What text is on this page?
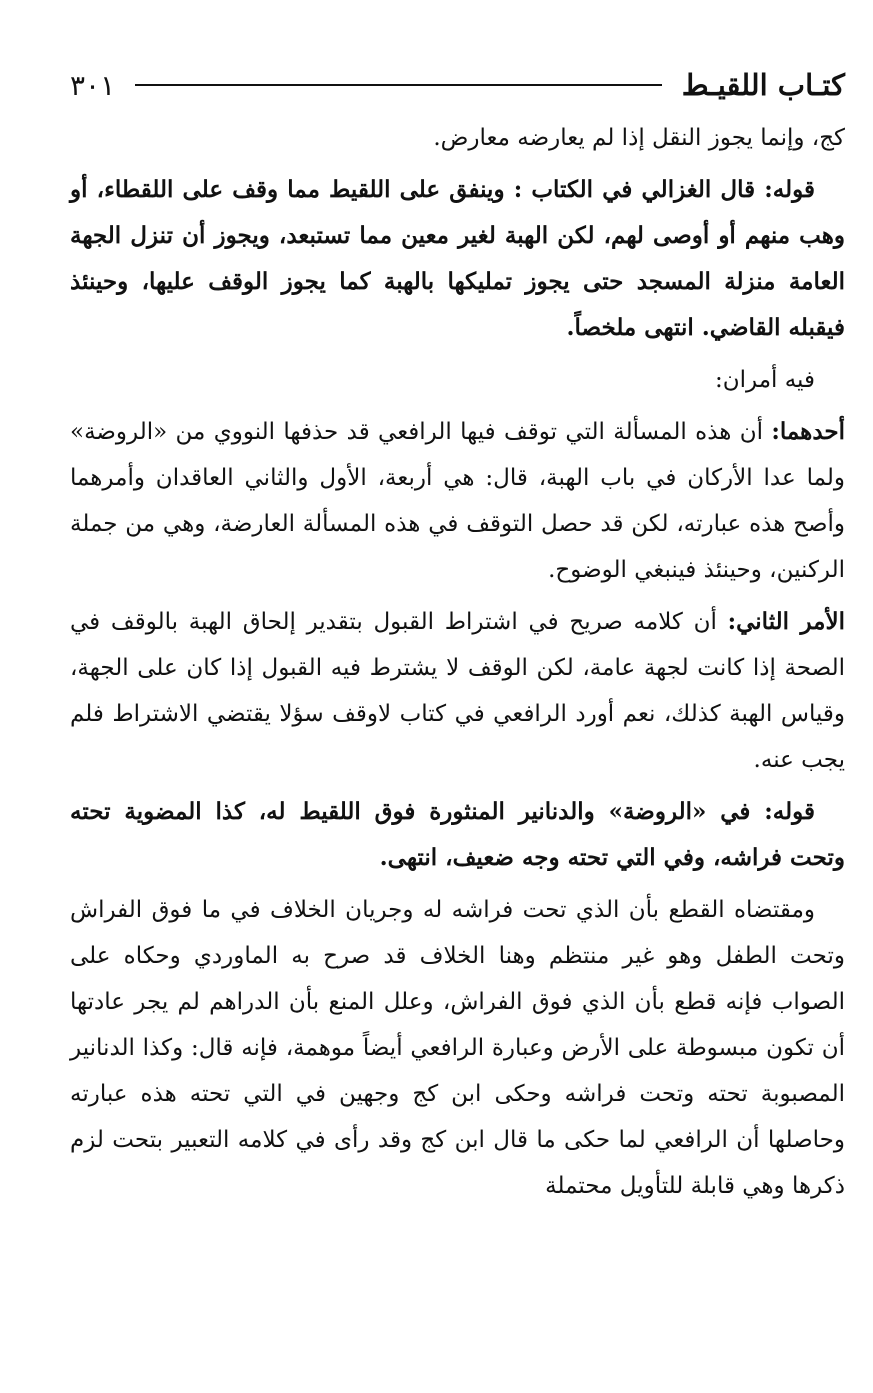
كتـاب اللقيـط
٣٠١

كج، وإنما يجوز النقل إذا لم يعارضه معارض.

قوله: قال الغزالي في الكتاب : وينفق على اللقيط مما وقف على اللقطاء، أو وهب منهم أو أوصى لهم، لكن الهبة لغير معين مما تستبعد، ويجوز أن تنزل الجهة العامة منزلة المسجد حتى يجوز تمليكها بالهبة كما يجوز الوقف عليها، وحينئذ فيقبله القاضي. انتهى ملخصاً.

فيه أمران:

أحدهما: أن هذه المسألة التي توقف فيها الرافعي قد حذفها النووي من «الروضة» ولما عدا الأركان في باب الهبة، قال: هي أربعة، الأول والثاني العاقدان وأمرهما وأصح هذه عبارته، لكن قد حصل التوقف في هذه المسألة العارضة، وهي من جملة الركنين، وحينئذ فينبغي الوضوح.

الأمر الثاني: أن كلامه صريح في اشتراط القبول بتقدير إلحاق الهبة بالوقف في الصحة إذا كانت لجهة عامة، لكن الوقف لا يشترط فيه القبول إذا كان على الجهة، وقياس الهبة كذلك، نعم أورد الرافعي في كتاب لاوقف سؤلا يقتضي الاشتراط فلم يجب عنه.

قوله: في «الروضة» والدنانير المنثورة فوق اللقيط له، كذا المضوية تحته وتحت فراشه، وفي التي تحته وجه ضعيف، انتهى.

ومقتضاه القطع بأن الذي تحت فراشه له وجريان الخلاف في ما فوق الفراش وتحت الطفل وهو غير منتظم وهنا الخلاف قد صرح به الماوردي وحكاه على الصواب فإنه قطع بأن الذي فوق الفراش، وعلل المنع بأن الدراهم لم يجر عادتها أن تكون مبسوطة على الأرض وعبارة الرافعي أيضاً موهمة، فإنه قال: وكذا الدنانير المصبوبة تحته وتحت فراشه وحكى ابن كج وجهين في التي تحته هذه عبارته وحاصلها أن الرافعي لما حكى ما قال ابن كج وقد رأى في كلامه التعبير بتحت لزم ذكرها وهي قابلة للتأويل محتملة
